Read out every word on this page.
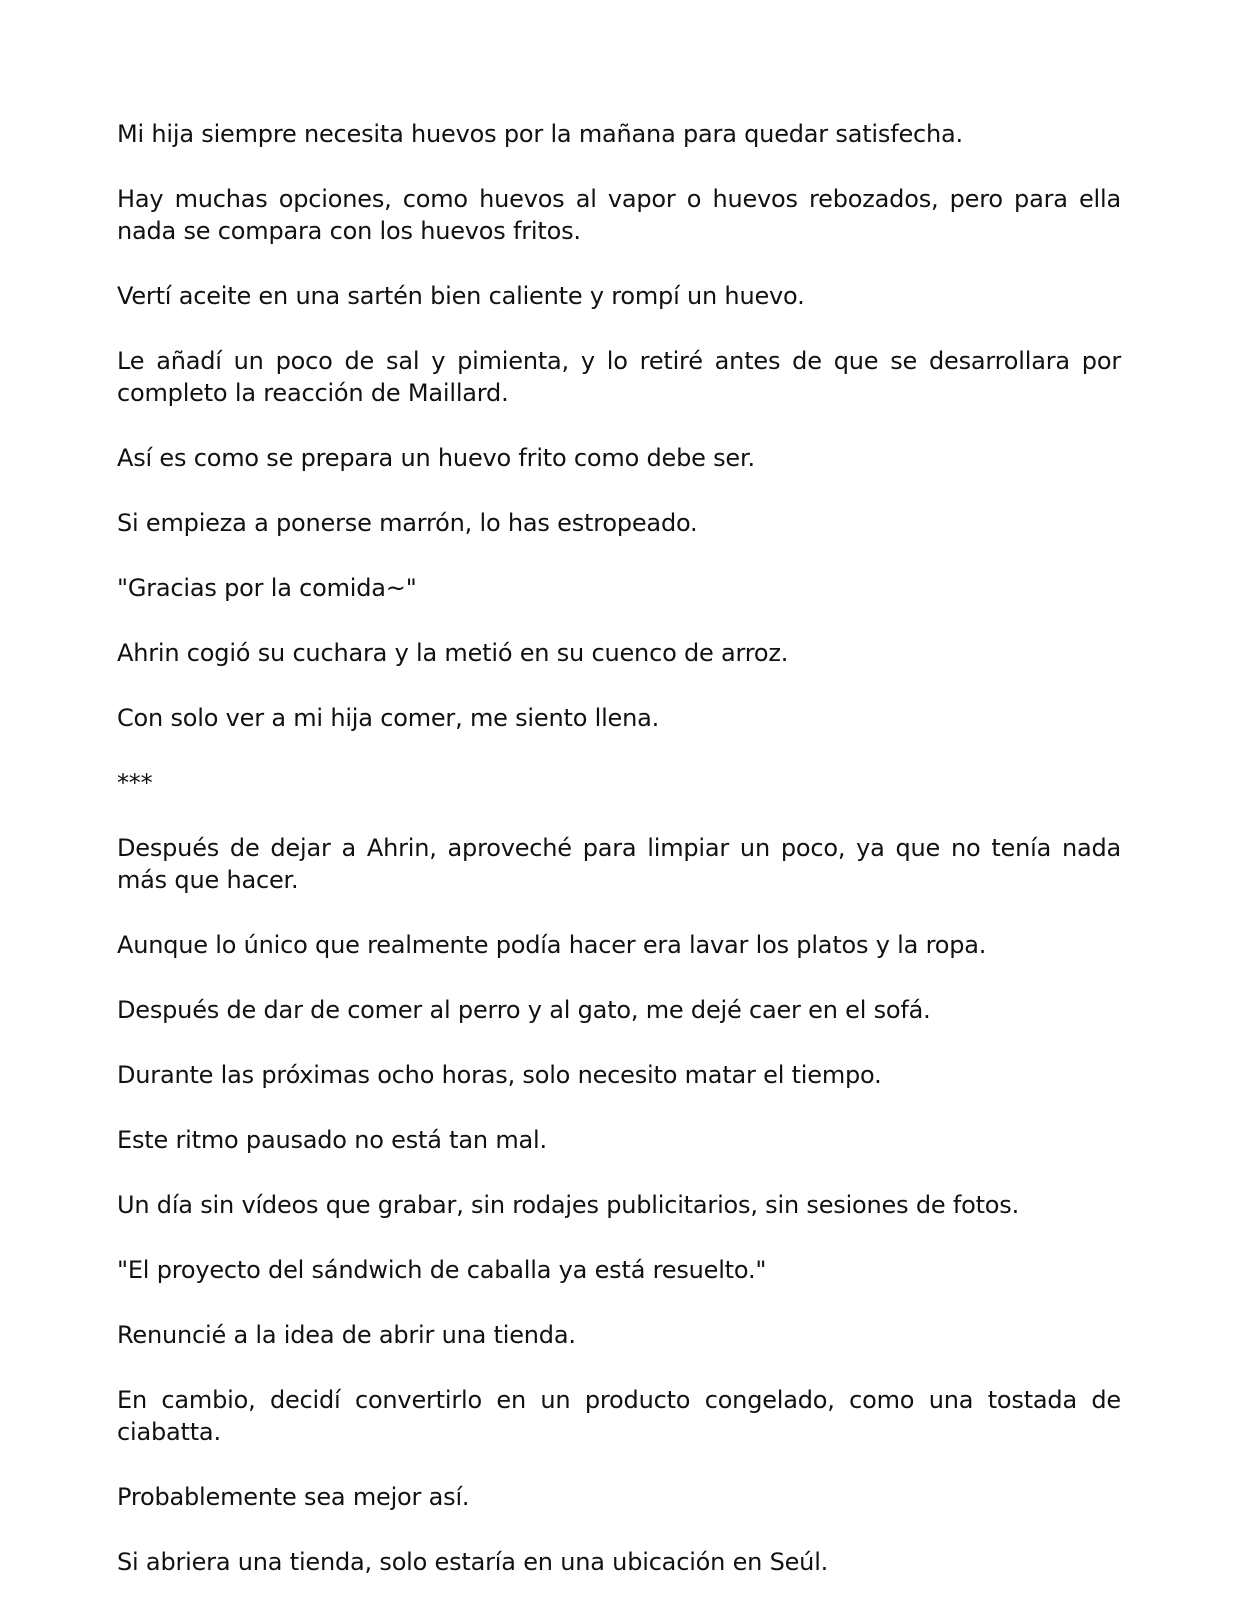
Mi hija siempre necesita huevos por la mañana para quedar satisfecha.

Hay muchas opciones, como huevos al vapor o huevos rebozados, pero para ella nada se compara con los huevos fritos.

Vertí aceite en una sartén bien caliente y rompí un huevo.

Le añadí un poco de sal y pimienta, y lo retiré antes de que se desarrollara por completo la reacción de Maillard.

Así es como se prepara un huevo frito como debe ser.

Si empieza a ponerse marrón, lo has estropeado.

"Gracias por la comida~"

Ahrin cogió su cuchara y la metió en su cuenco de arroz.

Con solo ver a mi hija comer, me siento llena.

***

Después de dejar a Ahrin, aproveché para limpiar un poco, ya que no tenía nada más que hacer.

Aunque lo único que realmente podía hacer era lavar los platos y la ropa.

Después de dar de comer al perro y al gato, me dejé caer en el sofá.

Durante las próximas ocho horas, solo necesito matar el tiempo.

Este ritmo pausado no está tan mal.

Un día sin vídeos que grabar, sin rodajes publicitarios, sin sesiones de fotos.

"El proyecto del sándwich de caballa ya está resuelto."

Renuncié a la idea de abrir una tienda.

En cambio, decidí convertirlo en un producto congelado, como una tostada de ciabatta.

Probablemente sea mejor así.

Si abriera una tienda, solo estaría en una ubicación en Seúl.
